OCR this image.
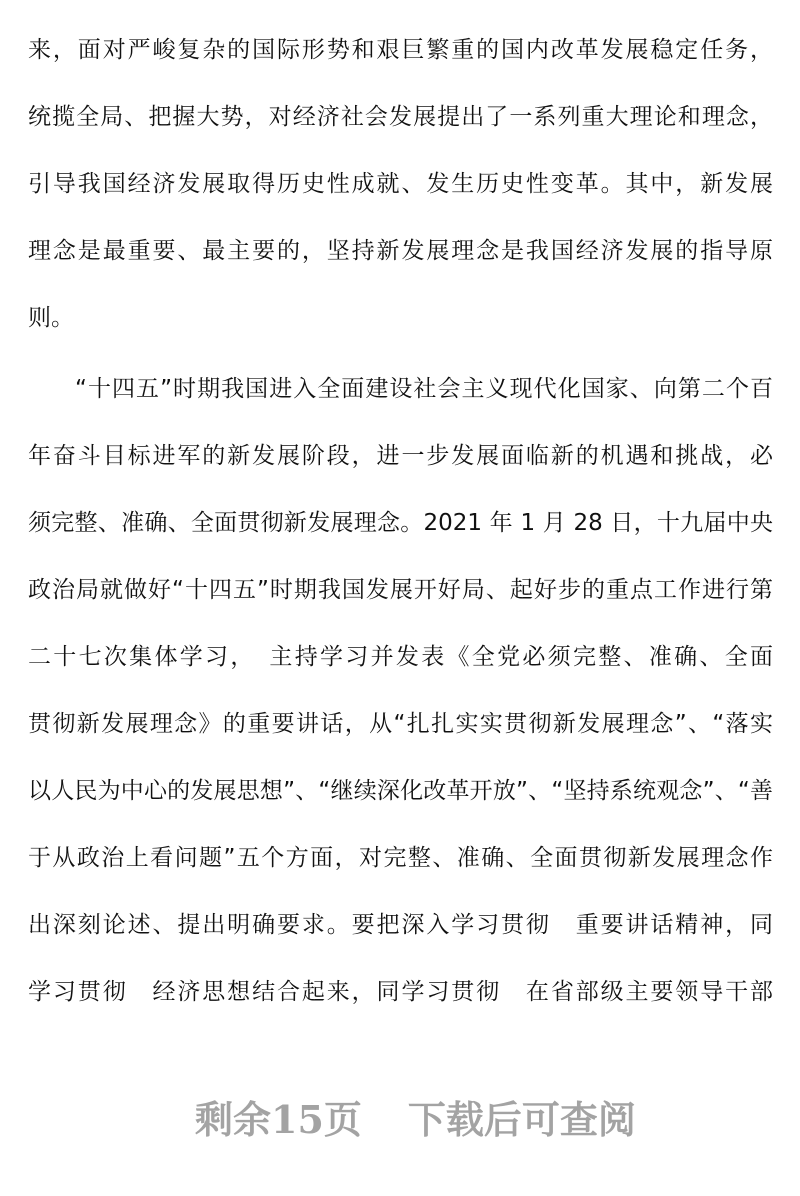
来，面对严峻复杂的国际形势和艰巨繁重的国内改革发展稳定任务，
统揽全局、把握大势，对经济社会发展提出了一系列重大理论和理念，
引导我国经济发展取得历史性成就、发生历史性变革。其中，新发展
理念是最重要、最主要的，坚持新发展理念是我国经济发展的指导原
则。
“十四五”时期我国进入全面建设社会主义现代化国家、向第二个百
年奋斗目标进军的新发展阶段，进一步发展面临新的机遇和挑战，必
须完整、准确、全面贯彻新发展理念。2021 年 1 月 28 日，十九届中央
政治局就做好“十四五”时期我国发展开好局、起好步的重点工作进行第
二十七次集体学习，　主持学习并发表《全党必须完整、准确、全面
贯彻新发展理念》的重要讲话，从“扎扎实实贯彻新发展理念”、“落实
以人民为中心的发展思想”、“继续深化改革开放”、“坚持系统观念”、“善
于从政治上看问题”五个方面，对完整、准确、全面贯彻新发展理念作
出深刻论述、提出明确要求。要把深入学习贯彻　重要讲话精神，同
学习贯彻　经济思想结合起来，同学习贯彻　在省部级主要领导干部
剩余15页 下载后可查阅
